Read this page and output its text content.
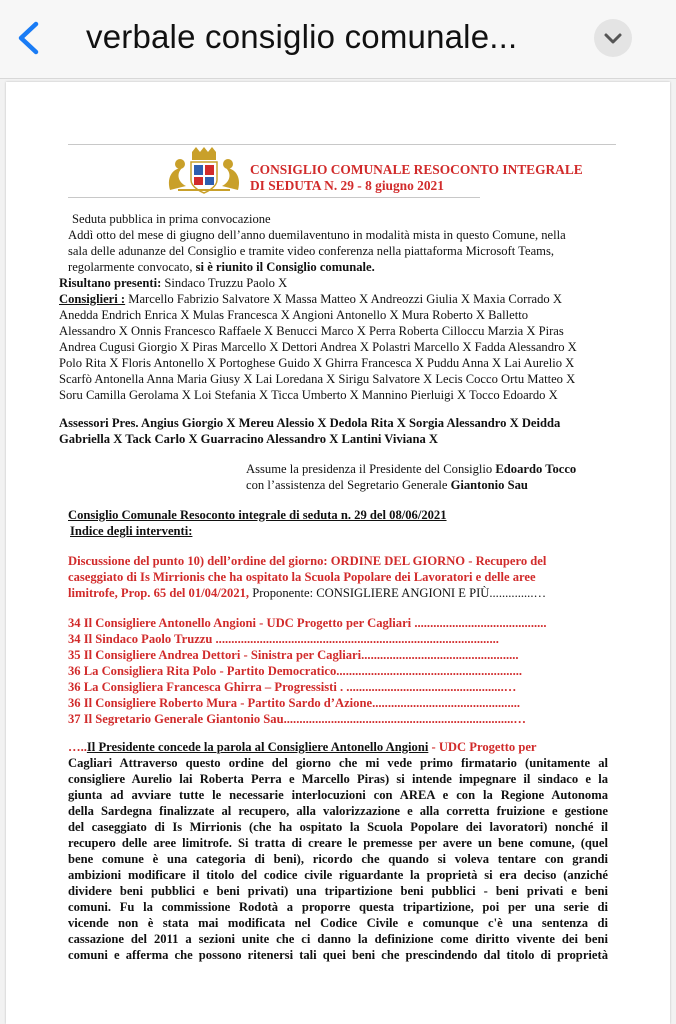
verbale consiglio comunale...
CONSIGLIO COMUNALE RESOCONTO INTEGRALE
DI SEDUTA N. 29 - 8 giugno 2021
Seduta pubblica in prima convocazione
Addì otto del mese di giugno dell’anno duemilaventuno in modalità mista in questo Comune, nella
sala delle adunanze del Consiglio e tramite video conferenza nella piattaforma Microsoft Teams,
regolarmente convocato, si è riunito il Consiglio comunale.
Risultano presenti: Sindaco Truzzu Paolo X
Consiglieri : Marcello Fabrizio Salvatore X Massa Matteo X Andreozzi Giulia X Maxia Corrado X
Anedda Endrich Enrica X Mulas Francesca X Angioni Antonello X Mura Roberto X Balletto
Alessandro X Onnis Francesco Raffaele X Benucci Marco X Perra Roberta Cilloccu Marzia X Piras
Andrea Cugusi Giorgio X Piras Marcello X Dettori Andrea X Polastri Marcello X Fadda Alessandro X
Polo Rita X Floris Antonello X Portoghese Guido X Ghirra Francesca X Puddu Anna X Lai Aurelio X
Scarfò Antonella Anna Maria Giusy X Lai Loredana X Sirigu Salvatore X Lecis Cocco Ortu Matteo X
Soru Camilla Gerolama X Loi Stefania X Ticca Umberto X Mannino Pierluigi X Tocco Edoardo X
Assessori Pres. Angius Giorgio X Mereu Alessio X Dedola Rita X Sorgia Alessandro X Deidda
Gabriella X Tack Carlo X Guarracino Alessandro X Lantini Viviana X
Assume la presidenza il Presidente del Consiglio Edoardo Tocco
con l’assistenza del Segretario Generale Giantonio Sau
Consiglio Comunale Resoconto integrale di seduta n. 29 del 08/06/2021
Indice degli interventi:
Discussione del punto 10) dell’ordine del giorno: ORDINE DEL GIORNO - Recupero del
caseggiato di Is Mirrionis che ha ospitato la Scuola Popolare dei Lavoratori e delle aree
limitrofe, Prop. 65 del 01/04/2021, Proponente: CONSIGLIERE ANGIONI E PIÙ..............…
34 Il Consigliere Antonello Angioni - UDC Progetto per Cagliari ..........................................
34 Il Sindaco Paolo Truzzu ..........................................................................................
35 Il Consigliere Andrea Dettori - Sinistra per Cagliari..................................................
36 La Consigliera Rita Polo - Partito Democratico...........................................................
36 La Consigliera Francesca Ghirra – Progressisti . ..................................................…
36 Il Consigliere Roberto Mura - Partito Sardo d’Azione...............................................
37 Il Segretario Generale Giantonio Sau.........................................................................…
…..Il Presidente concede la parola al Consigliere Antonello Angioni - UDC Progetto per
Cagliari Attraverso questo ordine del giorno che mi vede primo firmatario (unitamente al
consigliere Aurelio lai Roberta Perra e Marcello Piras) si intende impegnare il sindaco e la
giunta ad avviare tutte le necessarie interlocuzioni con AREA e con la Regione Autonoma
della Sardegna finalizzate al recupero, alla valorizzazione e alla corretta fruizione e gestione
del caseggiato di Is Mirrionis (che ha ospitato la Scuola Popolare dei lavoratori) nonché il
recupero delle aree limitrofe. Si tratta di creare le premesse per avere un bene comune, (quel
bene comune è una categoria di beni), ricordo che quando si voleva tentare con grandi
ambizioni modificare il titolo del codice civile riguardante la proprietà si era deciso (anziché
dividere beni pubblici e beni privati) una tripartizione beni pubblici - beni privati e beni
comuni. Fu la commissione Rodotà a proporre questa tripartizione, poi per una serie di
vicende non è stata mai modificata nel Codice Civile e comunque c'è una sentenza di
cassazione del 2011 a sezioni unite che ci danno la definizione come diritto vivente dei beni
comuni e afferma che possono ritenersi tali quei beni che prescindendo dal titolo di proprietà
